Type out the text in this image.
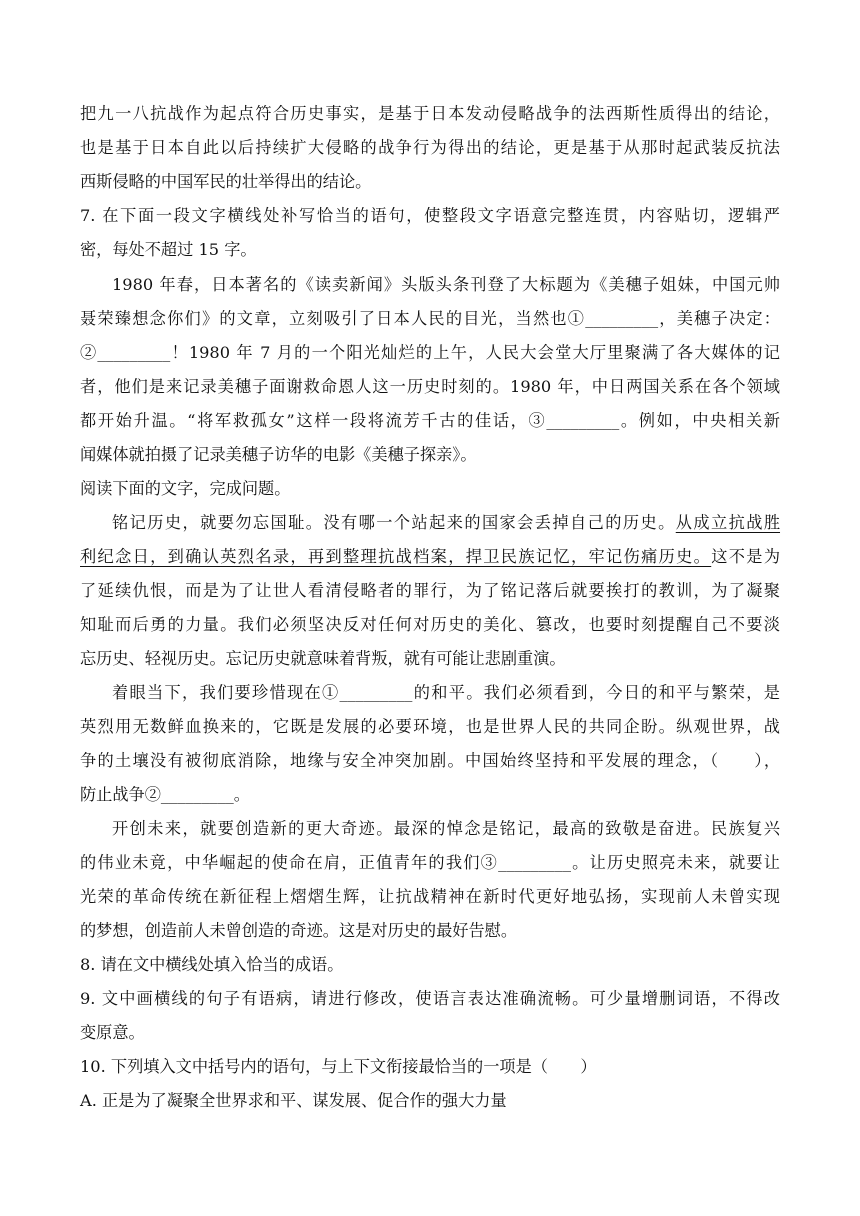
把九一八抗战作为起点符合历史事实，是基于日本发动侵略战争的法西斯性质得出的结论，
也是基于日本自此以后持续扩大侵略的战争行为得出的结论，更是基于从那时起武装反抗法
西斯侵略的中国军民的壮举得出的结论。
7. 在下面一段文字横线处补写恰当的语句，使整段文字语意完整连贯，内容贴切，逻辑严
密，每处不超过 15 字。
1980 年春，日本著名的《读卖新闻》头版头条刊登了大标题为《美穗子姐妹，中国元帅
聂荣臻想念你们》的文章，立刻吸引了日本人民的目光，当然也①_________，美穗子决定：
②_________！1980 年 7 月的一个阳光灿烂的上午，人民大会堂大厅里聚满了各大媒体的记
者，他们是来记录美穗子面谢救命恩人这一历史时刻的。1980 年，中日两国关系在各个领域
都开始升温。“将军救孤女”这样一段将流芳千古的佳话，③_________。例如，中央相关新
闻媒体就拍摄了记录美穗子访华的电影《美穗子探亲》。
阅读下面的文字，完成问题。
铭记历史，就要勿忘国耻。没有哪一个站起来的国家会丢掉自己的历史。从成立抗战胜
利纪念日，到确认英烈名录，再到整理抗战档案，捍卫民族记忆，牢记伤痛历史。这不是为
了延续仇恨，而是为了让世人看清侵略者的罪行，为了铭记落后就要挨打的教训，为了凝聚
知耻而后勇的力量。我们必须坚决反对任何对历史的美化、篡改，也要时刻提醒自己不要淡
忘历史、轻视历史。忘记历史就意味着背叛，就有可能让悲剧重演。
着眼当下，我们要珍惜现在①_________的和平。我们必须看到，今日的和平与繁荣，是
英烈用无数鲜血换来的，它既是发展的必要环境，也是世界人民的共同企盼。纵观世界，战
争的土壤没有被彻底消除，地缘与安全冲突加剧。中国始终坚持和平发展的理念，（　　），
防止战争②_________。
开创未来，就要创造新的更大奇迹。最深的悼念是铭记，最高的致敬是奋进。民族复兴
的伟业未竟，中华崛起的使命在肩，正值青年的我们③_________。让历史照亮未来，就要让
光荣的革命传统在新征程上熠熠生辉，让抗战精神在新时代更好地弘扬，实现前人未曾实现
的梦想，创造前人未曾创造的奇迹。这是对历史的最好告慰。
8. 请在文中横线处填入恰当的成语。
9. 文中画横线的句子有语病，请进行修改，使语言表达准确流畅。可少量增删词语，不得改
变原意。
10. 下列填入文中括号内的语句，与上下文衔接最恰当的一项是（　　）
A. 正是为了凝聚全世界求和平、谋发展、促合作的强大力量
